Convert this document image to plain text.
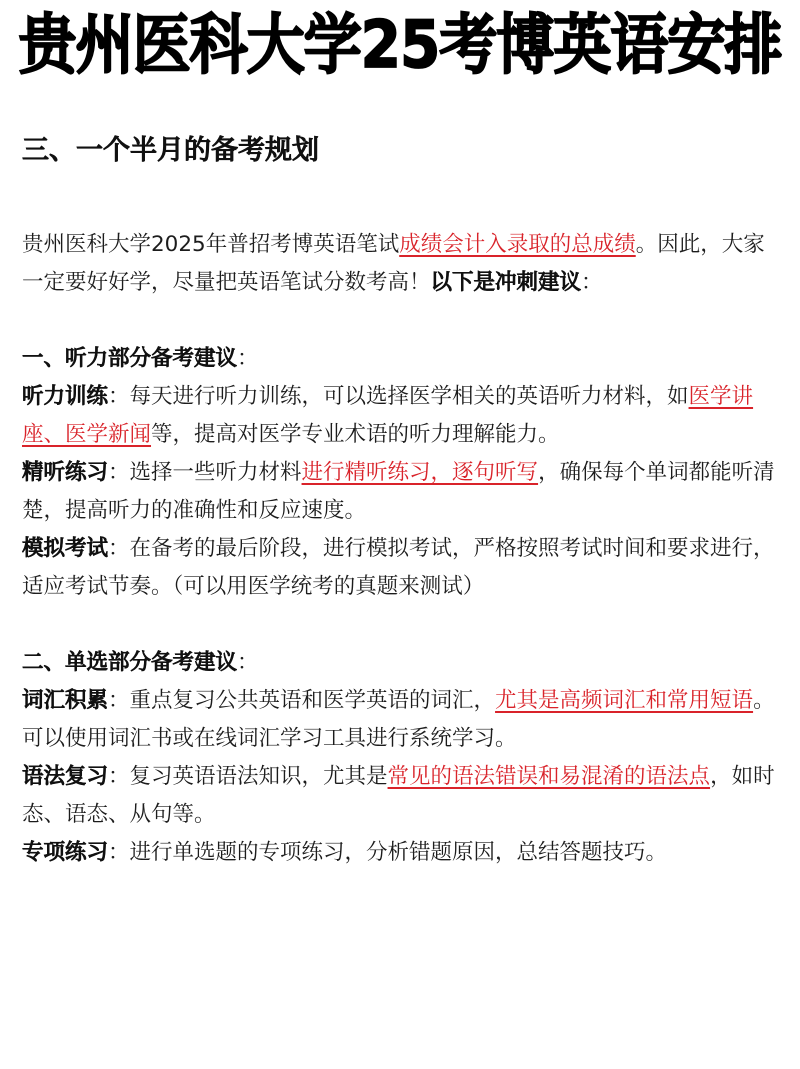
贵州医科大学25考博英语安排
三、一个半月的备考规划

贵州医科大学2025年普招考博英语笔试成绩会计入录取的总成绩。因此，大家一定要好好学，尽量把英语笔试分数考高！以下是冲刺建议：

一、听力部分备考建议：

听力训练：每天进行听力训练，可以选择医学相关的英语听力材料，如医学讲座、医学新闻等，提高对医学专业术语的听力理解能力。

精听练习：选择一些听力材料进行精听练习，逐句听写，确保每个单词都能听清楚，提高听力的准确性和反应速度。

模拟考试：在备考的最后阶段，进行模拟考试，严格按照考试时间和要求进行，适应考试节奏。（可以用医学统考的真题来测试）

二、单选部分备考建议：

词汇积累：重点复习公共英语和医学英语的词汇，尤其是高频词汇和常用短语。可以使用词汇书或在线词汇学习工具进行系统学习。

语法复习：复习英语语法知识，尤其是常见的语法错误和易混淆的语法点，如时态、语态、从句等。

专项练习：进行单选题的专项练习，分析错题原因，总结答题技巧。
